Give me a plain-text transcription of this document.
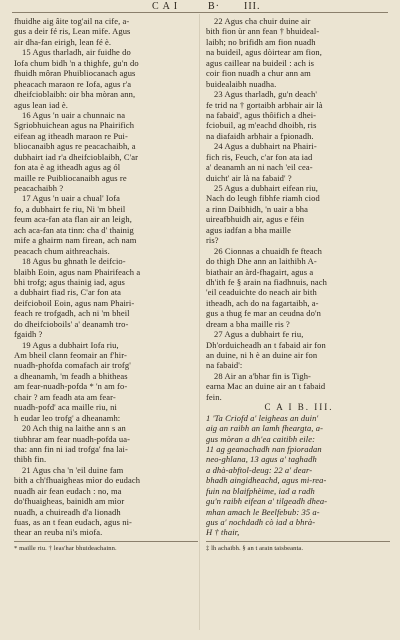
C A I	B· III.
fhuidhe aig âite tog'ail na cife, a-
gus a deir fé ris, Lean mife. Agus
air dha-fan eirigh, lean fé è.
15 Agus tharladh, air fuidhe do
Iofa chum bidh 'n a thighfe, gu'n do
fhuidh môran Phuibliocanach agus
pheacach maraon re Iofa, agus r'a
dheifcioblaibh: oir bha mòran ann,
agus lean iad è.
16 Agus 'n uair a chunnaic na
Sgriobhuichean agus na Phairifich
eifean ag itheadh maraon re Pui-
bliocanaibh agus re peacachaibh, a
dubhairt iad r'a dheifcioblaibh, C'ar
fon ata è ag itheadh agus ag ól
maille re Puibliocanaibh agus re
peacachaibh ?
17 Agus 'n uair a chual' Iofa
fo, a dubhairt fe riu, Ni 'm bheil
feum aca-fan ata flan air an leigh,
ach aca-fan ata tinn: cha d' thainig
mife a ghairm nam firean, ach nam
peacach chum aithreachais.
18 Agus bu ghnath le deifcio-
blaibh Eoin, agus nam Phairifeach a
bhi trofg; agus thainig iad, agus
a dubhairt fiad ris, C'ar fon ata
deifcioboil Eoin, agus nam Phairi-
feach re trofgadh, ach ni 'm bheil
do dheifcioboils' a' deanamh tro-
fgaidh ?
19 Agus a dubhairt Iofa riu,
Am bheil clann feomair an f'hir-
nuadh-phofda comafach air trofg'
a dheanamh, 'm feadh a bhitheas
am fear-nuadh-pofda * 'n am fo-
chair ? am feadh ata am fear-
nuadh-pofd' aca maille riu, ni
h eudar leo trofg' a dheanamh:
20 Ach thig na laithe ann s an
tiubhrar am fear nuadh-pofda ua-
tha: ann fin ni iad trofga' fna lai-
thibh fin.
21 Agus cha 'n 'eil duine fam
bith a ch'fhuaigheas mìor do eudach
nuadh air fean eudach : no, ma
do'fhuaigheas, bainidh am mìor
nuadh, a chuireadh d'a lionadh
fuas, as an t fean eudach, agus ni-
thear an reuba ni's miofa.
* maille riu. † leas'har bhuideachainn.
22 Agus cha chuir duine air
bith fion ùr ann fean † bhuideal-
laibh; no brifidh am fion nuadh
na buideil, agus dòirtear am fion,
agus caillear na buideil : ach is
coir fion nuadh a chur ann am
buidealaibh nuadha.
23 Agus tharladh, gu'n deach'
fe trid na † gortaibh arbhair air là
na fabaid', agus thôifich a dhei-
fciobuil, ag m'eachd dhoibh, ris
na diafaidh arbhair a fpionadh.
24 Agus a dubhairt na Phairi-
fich ris, Feuch, c'ar fon ata iad
a' deanamh an ni nach 'eil cea-
duicht' air là na fabaid' ?
25 Agus a dubhairt eifean riu,
Nach do leugh fibhfe riamh ciod
a rinn Daibhidh, 'n uair a bha
uireafbhuidh air, agus e féin
agus iadfan a bha maille
ris?
26 Cionnas a chuaidh fe fteach
do thigh Dhe ann an laithibh A-
biathair an àrd-fhagairt, agus a
dh'ith fe § arain na fiadhnuis, nach
'eil ceaduichte do neach air bith
itheadh, ach do na fagartaibh, a-
gus a thug fe mar an ceudna do'n
dream a bha maille ris ?
27 Agus a dubhairt fe riu,
Dh'orduicheadh an t fabaid air fon
an duine, ni h è an duine air fon
na fabaid':
28 Air an a'bhar fin is Tigh-
earna Mac an duine air an t fabaid
fein.
C A I B. III.
1 'Ta Criofd a' leigheas an duin'
aig an raibh an lamh fheargta, a-
gus mòran a dh'ea caitibh eile:
11 ag geanachadh nan fpioradan
neo-ghlana, 13 agus a' taghadh
a dhà-abftol-deug: 22 a' dear-
bhadh aingidheachd, agus mi-rea-
fuin na blaifphèime, iad a radh
gu'n raibh eifean a' tilgeadh dhea-
mhan amach le Beelfebub: 35 a-
gus a' nochdadh cò iad a bhrà-
H † thair,
‡ lh achaibh. § an t arain taisbeanta.
